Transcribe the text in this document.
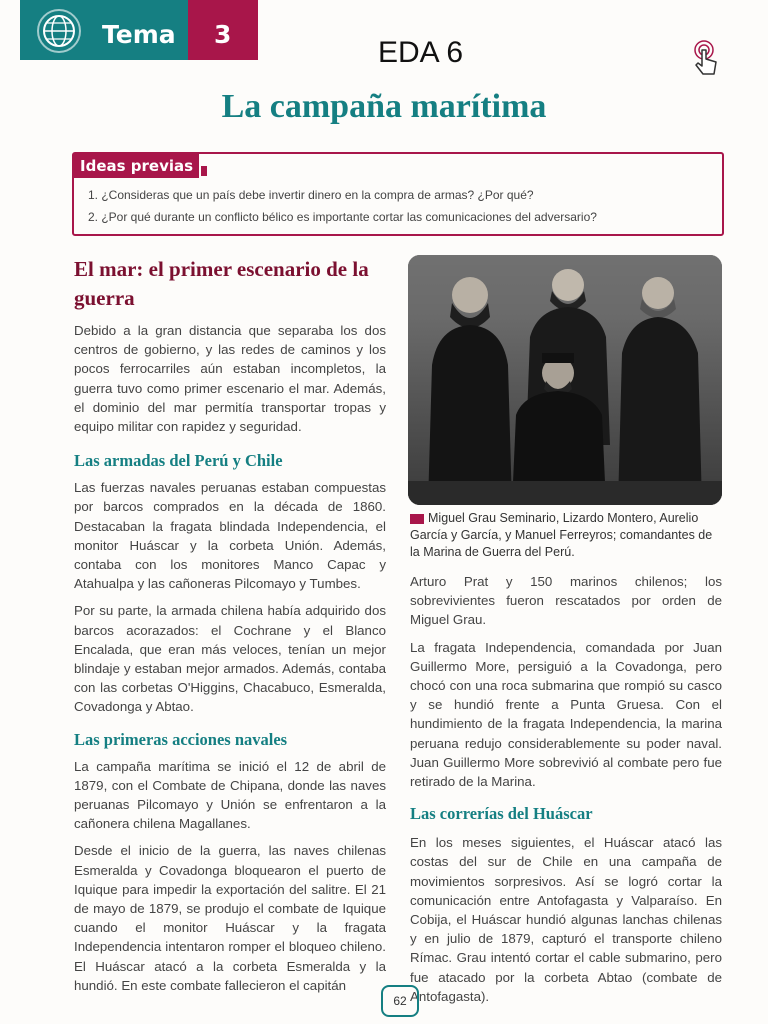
Tema 3
EDA 6
La campaña marítima
Ideas previas
1. ¿Consideras que un país debe invertir dinero en la compra de armas? ¿Por qué?
2. ¿Por qué durante un conflicto bélico es importante cortar las comunicaciones del adversario?
El mar: el primer escenario de la guerra

Debido a la gran distancia que separaba los dos centros de gobierno, y las redes de caminos y los pocos ferrocarriles aún estaban incompletos, la guerra tuvo como primer escenario el mar. Además, el dominio del mar permitía transportar tropas y equipo militar con rapidez y seguridad.

Las armadas del Perú y Chile

Las fuerzas navales peruanas estaban compuestas por barcos comprados en la década de 1860. Destacaban la fragata blindada Independencia, el monitor Huáscar y la corbeta Unión. Además, contaba con los monitores Manco Capac y Atahualpa y las cañoneras Pilcomayo y Tumbes.

Por su parte, la armada chilena había adquirido dos barcos acorazados: el Cochrane y el Blanco Encalada, que eran más veloces, tenían un mejor blindaje y estaban mejor armados. Además, contaba con las corbetas O'Higgins, Chacabuco, Esmeralda, Covadonga y Abtao.

Las primeras acciones navales

La campaña marítima se inició el 12 de abril de 1879, con el Combate de Chipana, donde las naves peruanas Pilcomayo y Unión se enfrentaron a la cañonera chilena Magallanes.

Desde el inicio de la guerra, las naves chilenas Esmeralda y Covadonga bloquearon el puerto de Iquique para impedir la exportación del salitre. El 21 de mayo de 1879, se produjo el combate de Iquique cuando el monitor Huáscar y la fragata Independencia intentaron romper el bloqueo chileno. El Huáscar atacó a la corbeta Esmeralda y la hundió. En este combate fallecieron el capitán

Miguel Grau Seminario, Lizardo Montero, Aurelio García y García, y Manuel Ferreyros; comandantes de la Marina de Guerra del Perú.

Arturo Prat y 150 marinos chilenos; los sobrevivientes fueron rescatados por orden de Miguel Grau.

La fragata Independencia, comandada por Juan Guillermo More, persiguió a la Covadonga, pero chocó con una roca submarina que rompió su casco y se hundió frente a Punta Gruesa. Con el hundimiento de la fragata Independencia, la marina peruana redujo considerablemente su poder naval. Juan Guillermo More sobrevivió al combate pero fue retirado de la Marina.

Las correrías del Huáscar

En los meses siguientes, el Huáscar atacó las costas del sur de Chile en una campaña de movimientos sorpresivos. Así se logró cortar la comunicación entre Antofagasta y Valparaíso. En Cobija, el Huáscar hundió algunas lanchas chilenas y en julio de 1879, capturó el transporte chileno Rímac. Grau intentó cortar el cable submarino, pero fue atacado por la corbeta Abtao (combate de Antofagasta).

62
